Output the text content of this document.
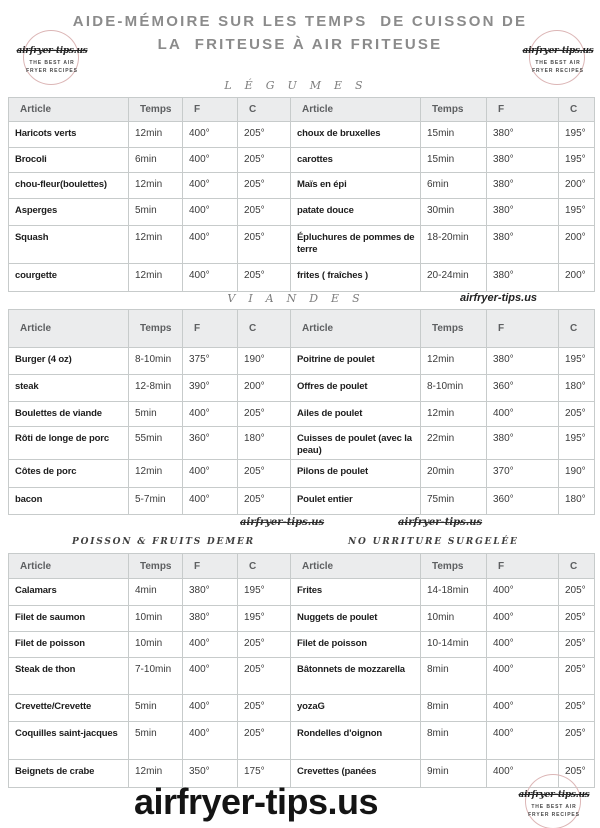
AIDE-MÉMOIRE SUR LES TEMPS  DE CUISSON DE
LA  FRITEUSE À AIR FRITEUSE
airfryer-tips.us
THE BEST AIR
FRYER RECIPES
airfryer-tips.us
THE BEST AIR
FRYER RECIPES
LÉGUMES
Article	Temps	F	C	Article	Temps	F	C
Haricots verts	12min	400°	205°	choux de bruxelles	15min	380°	195°
Brocoli	6min	400°	205°	carottes	15min	380°	195°
chou-fleur(boulettes)	12min	400°	205°	Maïs en épi	6min	380°	200°
Asperges	5min	400°	205°	patate douce	30min	380°	195°
Squash	12min	400°	205°	Épluchures de pommes de terre	18-20min	380°	200°
courgette	12min	400°	205°	frites ( fraîches )	20-24min	380°	200°
VIANDES	airfryer-tips.us
Article	Temps	F	C	Article	Temps	F	C
Burger (4 oz)	8-10min	375°	190°	Poitrine de poulet	12min	380°	195°
steak	12-8min	390°	200°	Offres de poulet	8-10min	360°	180°
Boulettes de viande	5min	400°	205°	Ailes de poulet	12min	400°	205°
Rôti de longe de porc	55min	360°	180°	Cuisses de poulet (avec la peau)	22min	380°	195°
Côtes de porc	12min	400°	205°	Pilons de poulet	20min	370°	190°
bacon	5-7min	400°	205°	Poulet entier	75min	360°	180°
airfryer-tips.us	airfryer-tips.us
POISSON & FRUITS DEMER	NO URRITURE SURGELÉE
Article	Temps	F	C	Article	Temps	F	C
Calamars	4min	380°	195°	Frites	14-18min	400°	205°
Filet de saumon	10min	380°	195°	Nuggets de poulet	10min	400°	205°
Filet de poisson	10min	400°	205°	Filet de poisson	10-14min	400°	205°
Steak de thon	7-10min	400°	205°	Bâtonnets de mozzarella	8min	400°	205°
Crevette/Crevette	5min	400°	205°	yozaG	8min	400°	205°
Coquilles saint-jacques	5min	400°	205°	Rondelles d'oignon	8min	400°	205°
Beignets de crabe	12min	350°	175°	Crevettes (panées	9min	400°	205°
airfryer-tips.us	airfryer-tips.us
THE BEST AIR
FRYER RECIPES
